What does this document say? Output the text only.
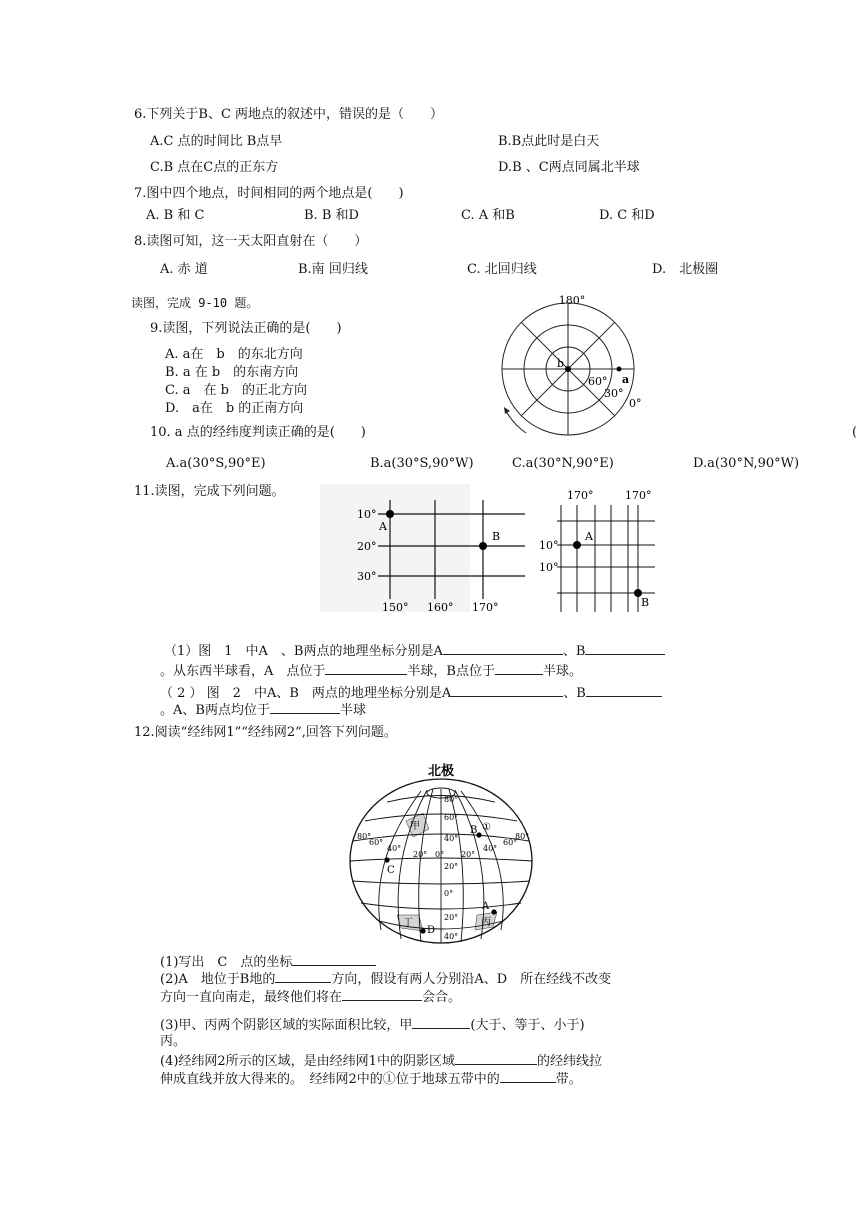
6.下列关于B、C 两地点的叙述中，错误的是（　　）
A.C 点的时间比 B点早	B.B点此时是白天
C.B 点在C点的正东方	D.B 、C两点同属北半球
7.图中四个地点，时间相同的两个地点是(　　)
A. B 和 C	B. B 和D	C. A 和B	D. C 和D
8.读图可知，这一天太阳直射在（　　）
A. 赤 道	B.南 回归线	C. 北回归线	D.　北极圈
读图，完成 9-10 题。
9.读图，下列说法正确的是(　　)
A. a在　b　的东北方向
B. a 在 b　的东南方向
C. a　在 b　的正北方向
D.　a在　b 的正南方向
10. a 点的经纬度判读正确的是(　　)
A.a(30°S,90°E)	B.a(30°S,90°W)	C.a(30°N,90°E)	D.a(30°N,90°W)
(
180°
b
a
60°
30°
0°
11.读图，完成下列问题。
10°
20°
30°
A
B
150° 160° 170°
170°	170°
A
B
10°
10°
（1）图　1　中A　、B两点的地理坐标分别是A	、B
。从东西半球看，A　点位于	半球，B点位于	半球。
（ 2 ） 图　2　中A、B　两点的地理坐标分别是A	、B
。A、B两点均位于	半球
12.阅读“经纬网1”“经纬网2”,回答下列问题。
北极
甲
丁	丙
①
A
B
C
D
80°
60°
40°
20°
0°
20°
40°
80°
60°
40°
20° 0° 20°
40°
60°
80°
(1)写出　C　点的坐标
(2)A　地位于B地的	方向，假设有两人分别沿A、D　所在经线不改变
方向一直向南走，最终他们将在	会合。
(3)甲、丙两个阴影区域的实际面积比较，甲	(大于、等于、小于)
丙。
(4)经纬网2所示的区域，是由经纬网1中的阴影区域	的经纬线拉
伸成直线并放大得来的。　经纬网2中的①位于地球五带中的	带。
